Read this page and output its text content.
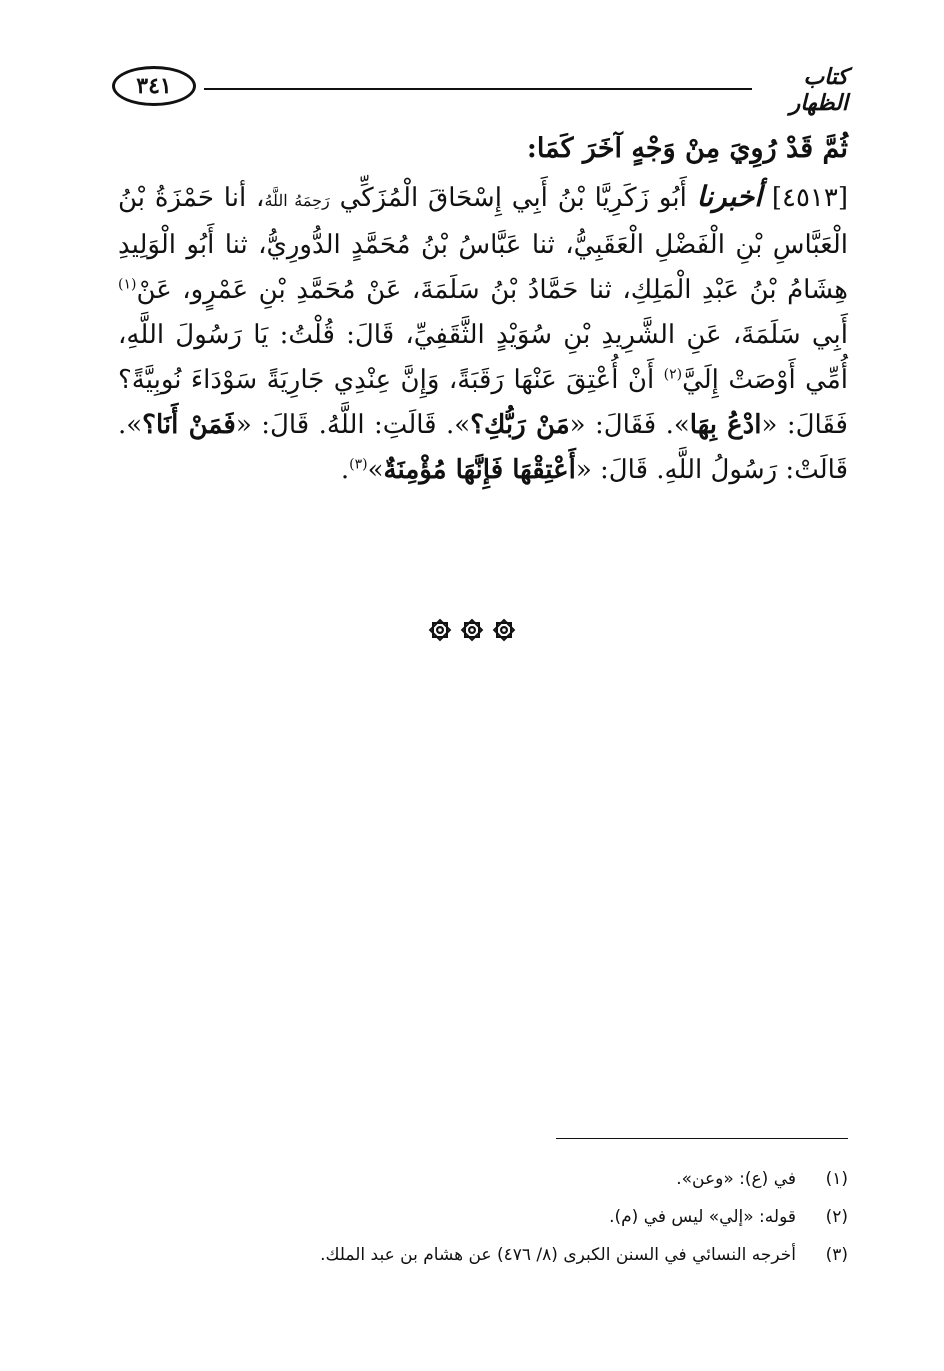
٣٤١	كتاب الظهار

ثُمَّ قَدْ رُوِيَ مِنْ وَجْهٍ آخَرَ كَمَا:

[٤٥١٣] أخبرنا أَبُو زَكَرِيَّا بْنُ أَبِي إِسْحَاقَ الْمُزَكِّي رَحِمَهُ اللَّهُ، أنا حَمْزَةُ بْنُ الْعَبَّاسِ بْنِ الْفَضْلِ الْعَقَبِيُّ، ثنا عَبَّاسُ بْنُ مُحَمَّدٍ الدُّورِيُّ، ثنا أَبُو الْوَلِيدِ هِشَامُ بْنُ عَبْدِ الْمَلِكِ، ثنا حَمَّادُ بْنُ سَلَمَةَ، عَنْ مُحَمَّدِ بْنِ عَمْرٍو، عَنْ$^{(١)}$ أَبِي سَلَمَةَ، عَنِ الشَّرِيدِ بْنِ سُوَيْدٍ الثَّقَفِيِّ، قَالَ: قُلْتُ: يَا رَسُولَ اللَّهِ، أُمِّي أَوْصَتْ إِلَيَّ$^{(٢)}$ أَنْ أُعْتِقَ عَنْهَا رَقَبَةً، وَإِنَّ عِنْدِي جَارِيَةً سَوْدَاءَ نُوبِيَّةً؟ فَقَالَ: «ادْعُ بِهَا». فَقَالَ: «مَنْ رَبُّكِ؟». قَالَتِ: اللَّهُ. قَالَ: «فَمَنْ أَنَا؟». قَالَتْ: رَسُولُ اللَّهِ. قَالَ: «أَعْتِقْهَا فَإِنَّهَا مُؤْمِنَةٌ»$^{(٣)}$.

(١)
في (ع): «وعن».
(٢)
قوله: «إلي» ليس في (م).
(٣)
أخرجه النسائي في السنن الكبرى (٨/ ٤٧٦) عن هشام بن عبد الملك.
